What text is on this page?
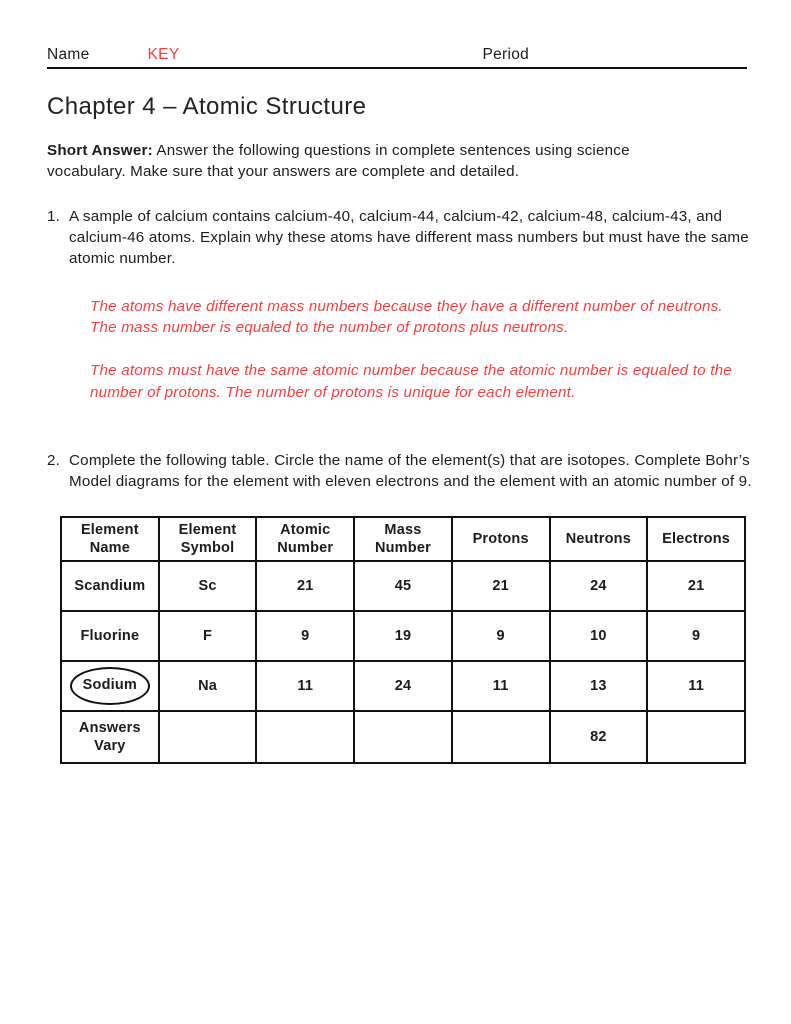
Name	KEY	Period
Chapter 4 – Atomic Structure

Short Answer: Answer the following questions in complete sentences using science vocabulary. Make sure that your answers are complete and detailed.

1. A sample of calcium contains calcium-40, calcium-44, calcium-42, calcium-48, calcium-43, and calcium-46 atoms. Explain why these atoms have different mass numbers but must have the same atomic number.

The atoms have different mass numbers because they have a different number of neutrons. The mass number is equaled to the number of protons plus neutrons.

The atoms must have the same atomic number because the atomic number is equaled to the number of protons. The number of protons is unique for each element.

2. Complete the following table. Circle the name of the element(s) that are isotopes. Complete Bohr’s Model diagrams for the element with eleven electrons and the element with an atomic number of 9.
Element Name	Element Symbol	Atomic Number	Mass Number	Protons	Neutrons	Electrons
Scandium	Sc	21	45	21	24	21
Fluorine	F	9	19	9	10	9
Sodium	Na	11	24	11	13	11
Answers Vary					82	
